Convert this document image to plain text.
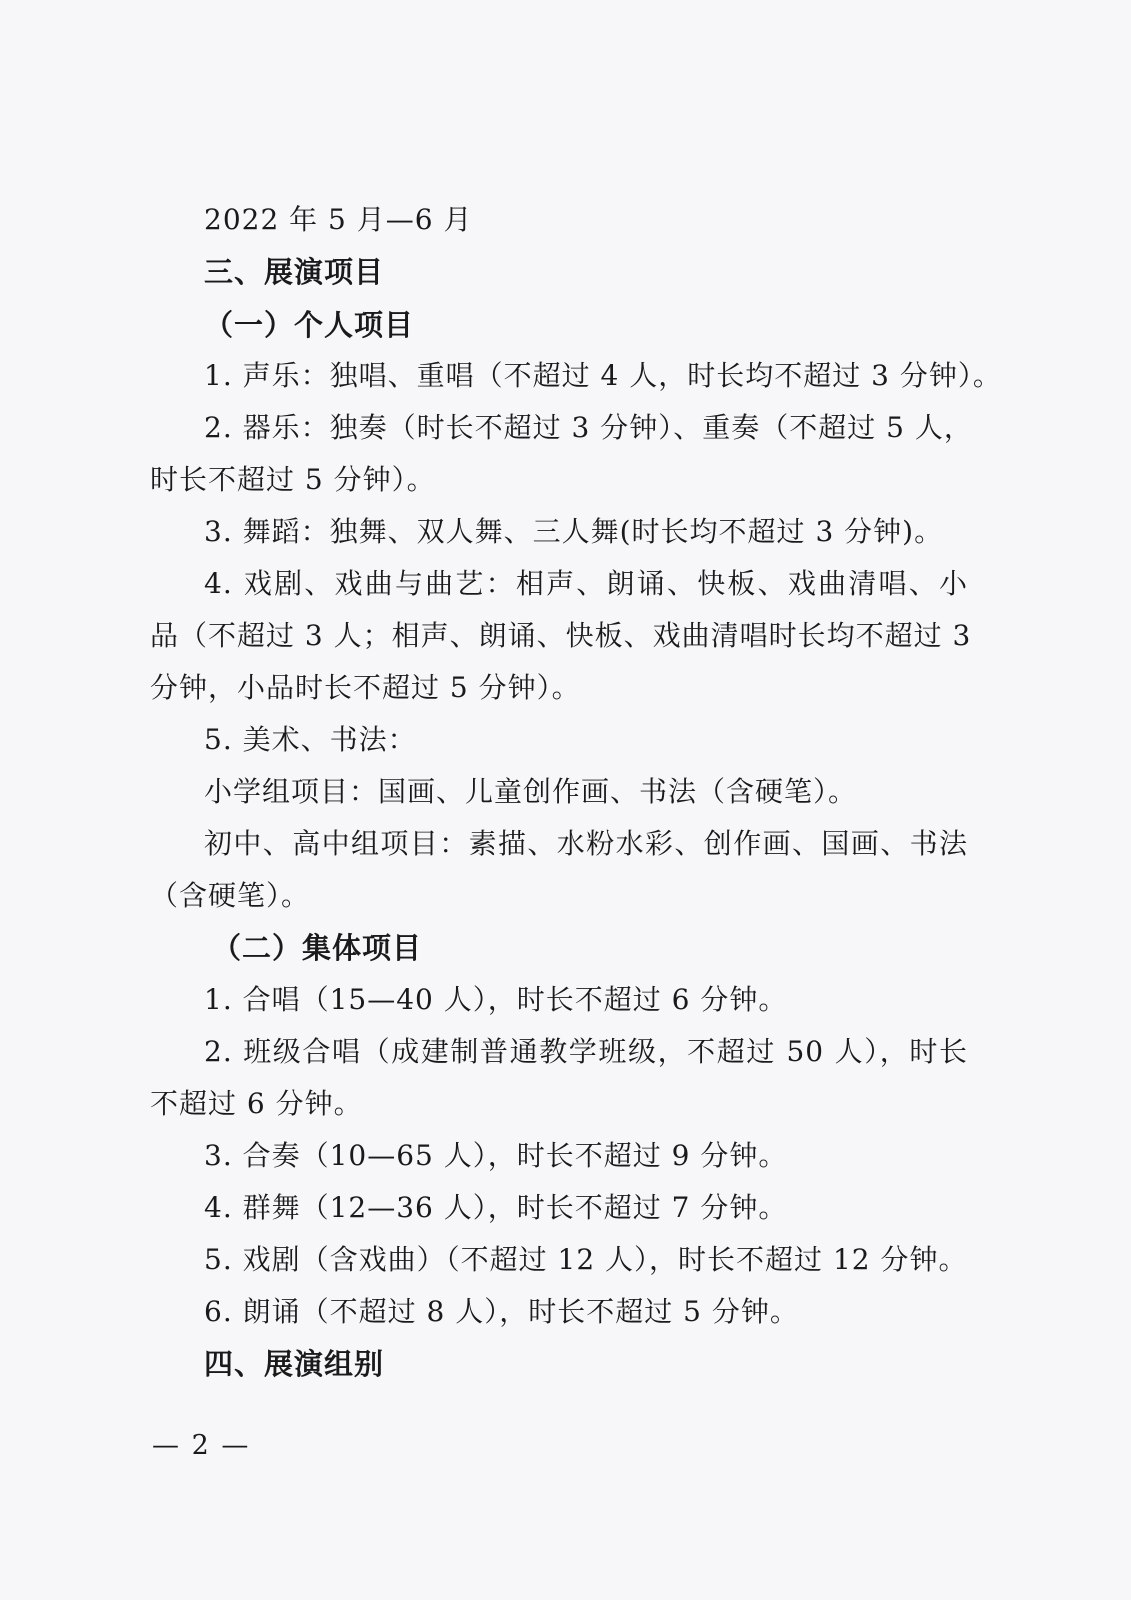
2022 年 5 月—6 月
三、展演项目
（一）个人项目
1. 声乐：独唱、重唱（不超过 4 人，时长均不超过 3 分钟）。
2. 器乐：独奏（时长不超过 3 分钟）、重奏（不超过 5 人，
时长不超过 5 分钟）。
3. 舞蹈：独舞、双人舞、三人舞(时长均不超过 3 分钟)。
4. 戏剧、戏曲与曲艺：相声、朗诵、快板、戏曲清唱、小
品（不超过 3 人；相声、朗诵、快板、戏曲清唱时长均不超过 3
分钟，小品时长不超过 5 分钟）。
5. 美术、书法：
小学组项目：国画、儿童创作画、书法（含硬笔）。
初中、高中组项目：素描、水粉水彩、创作画、国画、书法
（含硬笔）。
（二）集体项目
1. 合唱（15—40 人），时长不超过 6 分钟。
2. 班级合唱（成建制普通教学班级，不超过 50 人），时长
不超过 6 分钟。
3. 合奏（10—65 人），时长不超过 9 分钟。
4. 群舞（12—36 人），时长不超过 7 分钟。
5. 戏剧（含戏曲）（不超过 12 人），时长不超过 12 分钟。
6. 朗诵（不超过 8 人），时长不超过 5 分钟。
四、展演组别
— 2 —
